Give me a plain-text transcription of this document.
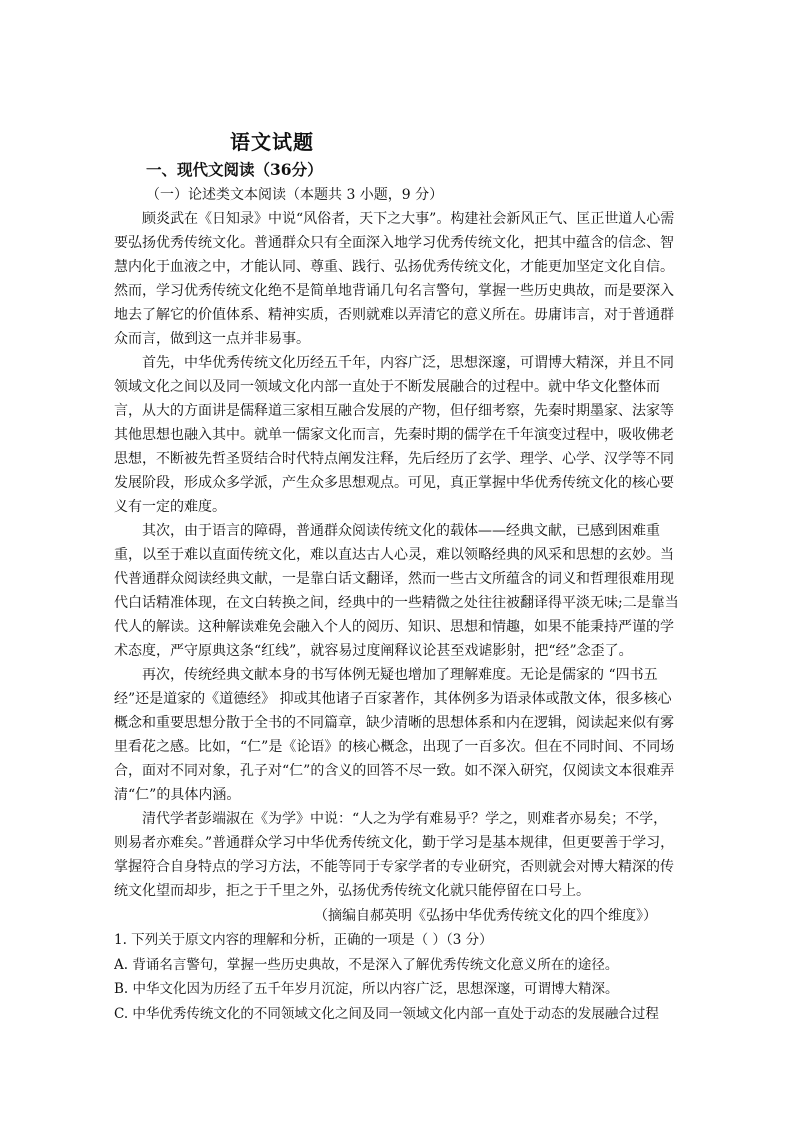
语文试题
一、现代文阅读（36分）
（一）论述类文本阅读（本题共 3 小题，9 分）

顾炎武在《日知录》中说“风俗者，天下之大事”。构建社会新风正气、匡正世道人心需要弘扬优秀传统文化。普通群众只有全面深入地学习优秀传统文化，把其中蕴含的信念、智慧内化于血液之中，才能认同、尊重、践行、弘扬优秀传统文化，才能更加坚定文化自信。然而，学习优秀传统文化绝不是简单地背诵几句名言警句，掌握一些历史典故，而是要深入地去了解它的价值体系、精神实质，否则就难以弄清它的意义所在。毋庸讳言，对于普通群众而言，做到这一点并非易事。

首先，中华优秀传统文化历经五千年，内容广泛，思想深邃，可谓博大精深，并且不同领域文化之间以及同一领域文化内部一直处于不断发展融合的过程中。就中华文化整体而言，从大的方面讲是儒释道三家相互融合发展的产物，但仔细考察，先秦时期墨家、法家等其他思想也融入其中。就单一儒家文化而言，先秦时期的儒学在千年演变过程中，吸收佛老思想，不断被先哲圣贤结合时代特点阐发注释，先后经历了玄学、理学、心学、汉学等不同发展阶段，形成众多学派，产生众多思想观点。可见，真正掌握中华优秀传统文化的核心要义有一定的难度。

其次，由于语言的障碍，普通群众阅读传统文化的载体——经典文献，已感到困难重重，以至于难以直面传统文化，难以直达古人心灵，难以领略经典的风采和思想的玄妙。当代普通群众阅读经典文献，一是靠白话文翻译，然而一些古文所蕴含的词义和哲理很难用现代白话精准体现，在文白转换之间，经典中的一些精微之处往往被翻译得平淡无味;二是靠当代人的解读。这种解读难免会融入个人的阅历、知识、思想和情趣，如果不能秉持严谨的学术态度，严守原典这条“红线”，就容易过度阐释议论甚至戏谑影射，把“经”念歪了。

再次，传统经典文献本身的书写体例无疑也增加了理解难度。无论是儒家的 “四书五经”还是道家的《道德经》 抑或其他诸子百家著作，其体例多为语录体或散文体，很多核心概念和重要思想分散于全书的不同篇章，缺少清晰的思想体系和内在逻辑，阅读起来似有雾里看花之感。比如，“仁”是《论语》的核心概念，出现了一百多次。但在不同时间、不同场合，面对不同对象，孔子对“仁”的含义的回答不尽一致。如不深入研究，仅阅读文本很难弄清“仁”的具体内涵。

清代学者彭端淑在《为学》中说：“人之为学有难易乎？学之，则难者亦易矣；不学，则易者亦难矣。”普通群众学习中华优秀传统文化，勤于学习是基本规律，但更要善于学习，掌握符合自身特点的学习方法，不能等同于专家学者的专业研究，否则就会对博大精深的传统文化望而却步，拒之于千里之外，弘扬优秀传统文化就只能停留在口号上。

（摘编自郝英明《弘扬中华优秀传统文化的四个维度》）

1. 下列关于原文内容的理解和分析，正确的一项是（ ）（3 分）

A. 背诵名言警句，掌握一些历史典故，不是深入了解优秀传统文化意义所在的途径。

B. 中华文化因为历经了五千年岁月沉淀，所以内容广泛，思想深邃，可谓博大精深。

C. 中华优秀传统文化的不同领域文化之间及同一领域文化内部一直处于动态的发展融合过程
